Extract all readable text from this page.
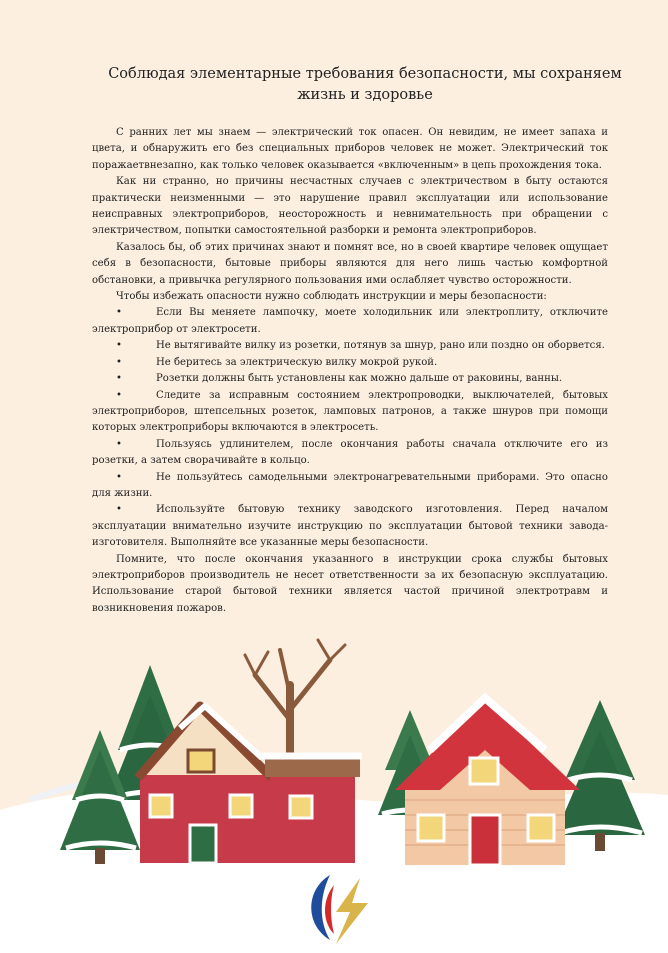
Соблюдая элементарные требования безопасности, мы сохраняем жизнь и здоровье

С ранних лет мы знаем — электрический ток опасен. Он невидим, не имеет запаха и цвета, и обнаружить его без специальных приборов человек не может. Электрический ток поражаетвнезапно, как только человек оказывается «включенным» в цепь прохождения тока.

Как ни странно, но причины несчастных случаев с электричеством в быту остаются практически неизменными — это нарушение правил эксплуатации или использование неисправных электроприборов, неосторожность и невнимательность при обращении с электричеством, попытки самостоятельной разборки и ремонта электроприборов.

Казалось бы, об этих причинах знают и помнят все, но в своей квартире человек ощущает себя в безопасности, бытовые приборы являются для него лишь частью комфортной обстановки, а привычка регулярного пользования ими ослабляет чувство осторожности.

Чтобы избежать опасности нужно соблюдать инструкции и меры безопасности:

•	Если Вы меняете лампочку, моете холодильник или электроплиту, отключите электроприбор от электросети.

•	Не вытягивайте вилку из розетки, потянув за шнур, рано или поздно он оборвется.

•	Не беритесь за электрическую вилку мокрой рукой.

•	Розетки должны быть установлены как можно дальше от раковины, ванны.

•	Следите за исправным состоянием электропроводки, выключателей, бытовых электроприборов, штепсельных розеток, ламповых патронов, а также шнуров при помощи которых электроприборы включаются в электросеть.

•	Пользуясь удлинителем, после окончания работы сначала отключите его из розетки, а затем сворачивайте в кольцо.

•	Не пользуйтесь самодельными электронагревательными приборами. Это опасно для жизни.

•	Используйте бытовую технику заводского изготовления. Перед началом эксплуатации внимательно изучите инструкцию по эксплуатации бытовой техники завода-изготовителя. Выполняйте все указанные меры безопасности.

Помните, что после окончания указанного в инструкции срока службы бытовых электроприборов производитель не несет ответственности за их безопасную эксплуатацию. Использование старой бытовой техники является частой причиной электротравм и возникновения пожаров.
